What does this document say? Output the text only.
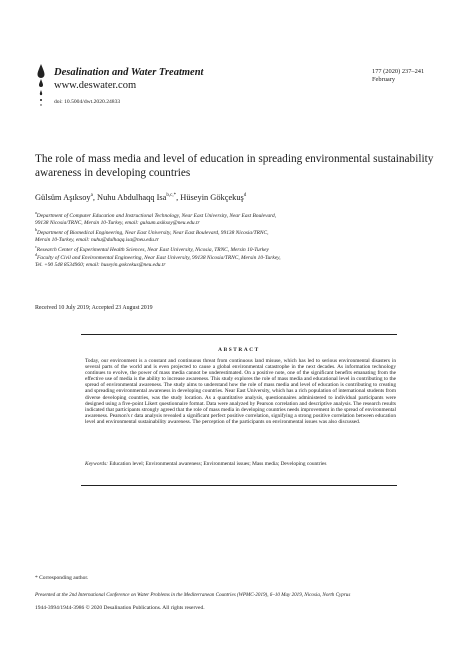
Desalination and Water Treatment
www.deswater.com
doi: 10.5004/dwt.2020.24833
177 (2020) 237–241
February
The role of mass media and level of education in spreading environmental sustainability awareness in developing countries
Gülsüm Aşıksoy$^a$, Nuhu Abdulhaqq Isa$^{b,c,*}$, Hüseyin Gökçekuş$^d$
$^a$Department of Computer Education and Instructional Technology, Near East University, Near East Boulevard,
99138 Nicosia/TRNC, Mersin 10-Turkey, email: gulsum.asiksoy@neu.edu.tr
$^b$Department of Biomedical Engineering, Near East University, Near East Boulevard, 99138 Nicosia/TRNC,
Mersin 10-Turkey, email: nuhu@dulhaqq.isa@neu.edu.tr
$^c$Research Center of Experimental Health Sciences, Near East University, Nicosia, TRNC, Mersin 10-Turkey
$^d$Faculty of Civil and Environmental Engineering, Near East University, 99138 Nicosia/TRNC, Mersin 10-Turkey,
Tel. +90 548 8534960; email: huseyin.gokcekus@neu.edu.tr
Received 10 July 2019; Accepted 23 August 2019
ABSTRACT
Today, our environment is a constant and continuous threat from continuous land misuse, which has led to serious environmental disasters in several parts of the world and is even projected to cause a global environmental catastrophe in the next decades. As information technology continues to evolve, the power of mass media cannot be underestimated. On a positive note, one of the significant benefits emanating from the effective use of media is the ability to increase awareness. This study explores the role of mass media and educational level in contributing to the spread of environmental awareness. The study aims to understand how the role of mass media and level of education is contributing to creating and spreading environmental awareness in developing countries. Near East University, which has a rich population of international students from diverse developing countries, was the study location. As a quantitative analysis, questionnaires administered to individual participants were designed using a five-point Likert questionnaire format. Data were analyzed by Pearson correlation and descriptive analysis. The research results indicated that participants strongly agreed that the role of mass media in developing countries needs improvement in the spread of environmental awareness. Pearson's r data analysis revealed a significant perfect positive correlation, signifying a strong positive correlation between education level and environmental sustainability awareness. The perception of the participants on environmental issues was also discussed.
Keywords: Education level; Environmental awareness; Environmental issues; Mass media; Developing countries
* Corresponding author.
Presented at the 2nd International Conference on Water Problems in the Mediterranean Countries (WPMC-2019), 6–10 May 2019, Nicosia, North Cyprus
1944-3994/1944-3986 © 2020 Desalination Publications. All rights reserved.
